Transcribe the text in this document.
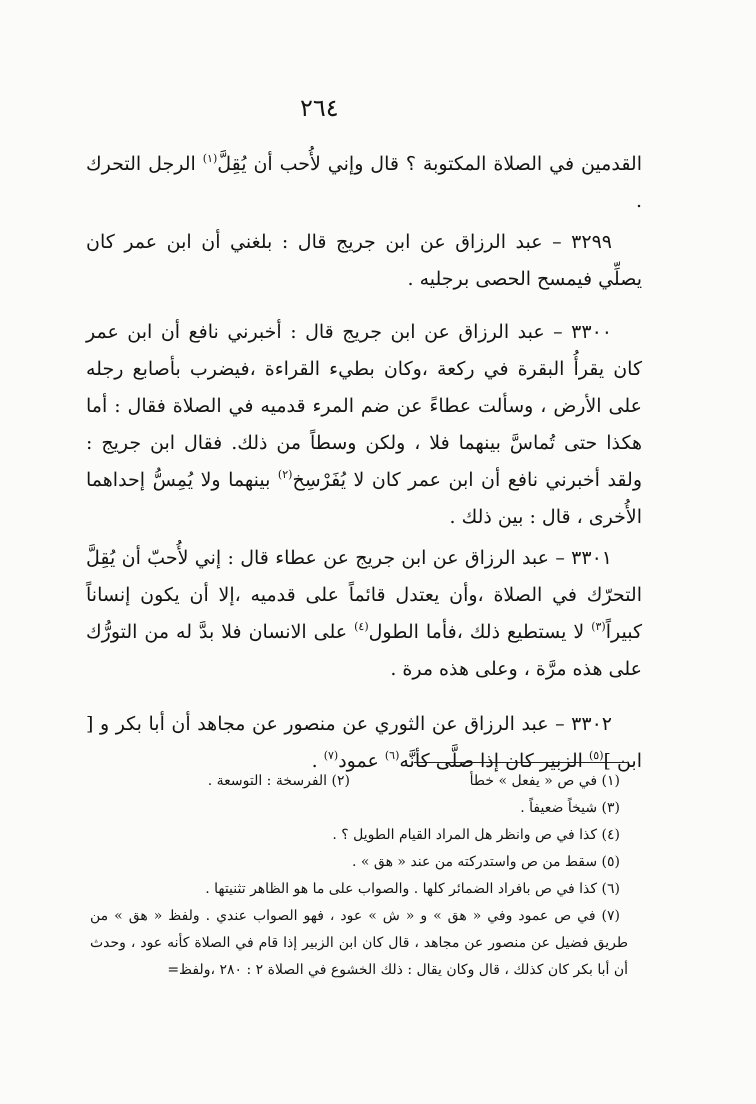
٢٦٤

القدمين في الصلاة المكتوبة ؟ قال وإني لأُحب أن يُقِلَّ$^{(١)}$ الرجل التحرك .

٣٢٩٩ – عبد الرزاق عن ابن جريج قال : بلغني أن ابن عمر كان يصلِّي فيمسح الحصى برجليه .

٣٣٠٠ – عبد الرزاق عن ابن جريج قال : أخبرني نافع أن ابن عمر كان يقرأُ البقرة في ركعة ،وكان بطيء القراءة ،فيضرب بأصابع رجله على الأرض ، وسألت عطاءً عن ضم المرء قدميه في الصلاة فقال : أما هكذا حتى تُماسَّ بينهما فلا ، ولكن وسطاً من ذلك. فقال ابن جريج : ولقد أخبرني نافع أن ابن عمر كان لا يُفَرْسِخ$^{(٢)}$ بينهما ولا يُمِسُّ إحداهما الأُخرى ، قال : بين ذلك .

٣٣٠١ – عبد الرزاق عن ابن جريج عن عطاء قال : إني لأُحبّ أن يُقِلَّ التحرّك في الصلاة ،وأن يعتدل قائماً على قدميه ،إلا أن يكون إنساناً كبيراً$^{(٣)}$ لا يستطيع ذلك ،فأما الطول$^{(٤)}$ على الانسان فلا بدَّ له من التورُّك على هذه مرَّة ، وعلى هذه مرة .

٣٣٠٢ – عبد الرزاق عن الثوري عن منصور عن مجاهد أن أبا بكر و [ ابن ]$^{(٥)}$ الزبير كان إذا صلَّى كأنَّه$^{(٦)}$ عمود$^{(٧)}$ .

(١) في ص « يفعل » خطأ
(٢) الفرسخة : التوسعة .

(٣) شيخاً ضعيفاً .

(٤) كذا في ص وانظر هل المراد القيام الطويل ؟ .

(٥) سقط من ص واستدركته من عند « هق » .

(٦) كذا في ص بافراد الضمائر كلها . والصواب على ما هو الظاهر تثنيتها .

(٧) في ص عمود وفي « هق » و « ش » عود ، فهو الصواب عندي . ولفظ « هق » من طريق فضيل عن منصور عن مجاهد ، قال كان ابن الزبير إذا قام في الصلاة كأنه عود ، وحدث أن أبا بكر كان كذلك ، قال وكان يقال : ذلك الخشوع في الصلاة ٢ : ٢٨٠ ،ولفظ=
